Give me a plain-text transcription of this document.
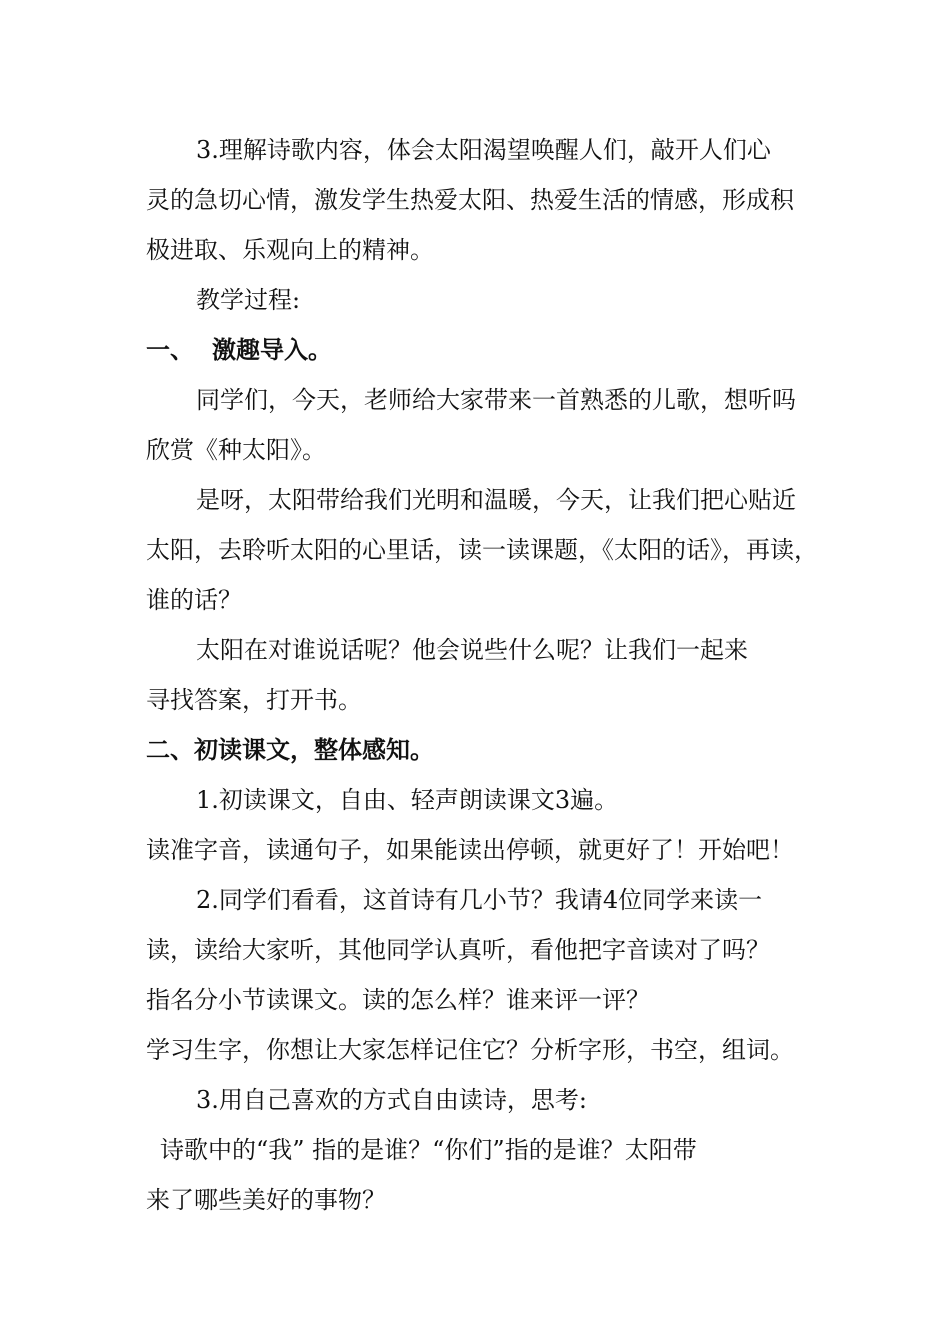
3.理解诗歌内容，体会太阳渴望唤醒人们，敲开人们心
灵的急切心情，激发学生热爱太阳、热爱生活的情感，形成积
极进取、乐观向上的精神。
教学过程:
一、 激趣导入。
同学们，今天，老师给大家带来一首熟悉的儿歌，想听吗
欣赏《种太阳》。
是呀，太阳带给我们光明和温暖，今天，让我们把心贴近
太阳，去聆听太阳的心里话，读一读课题，《太阳的话》，再读，
谁的话？
太阳在对谁说话呢？他会说些什么呢？让我们一起来
寻找答案，打开书。
二、初读课文，整体感知。
1.初读课文，自由、轻声朗读课文3遍。
读准字音，读通句子，如果能读出停顿，就更好了！开始吧！
2.同学们看看，这首诗有几小节？我请4位同学来读一
读，读给大家听，其他同学认真听，看他把字音读对了吗？
指名分小节读课文。读的怎么样？谁来评一评？
学习生字，你想让大家怎样记住它？分析字形，书空，组词。
3.用自己喜欢的方式自由读诗，思考:
诗歌中的“我” 指的是谁？“你们”指的是谁？太阳带
来了哪些美好的事物？
